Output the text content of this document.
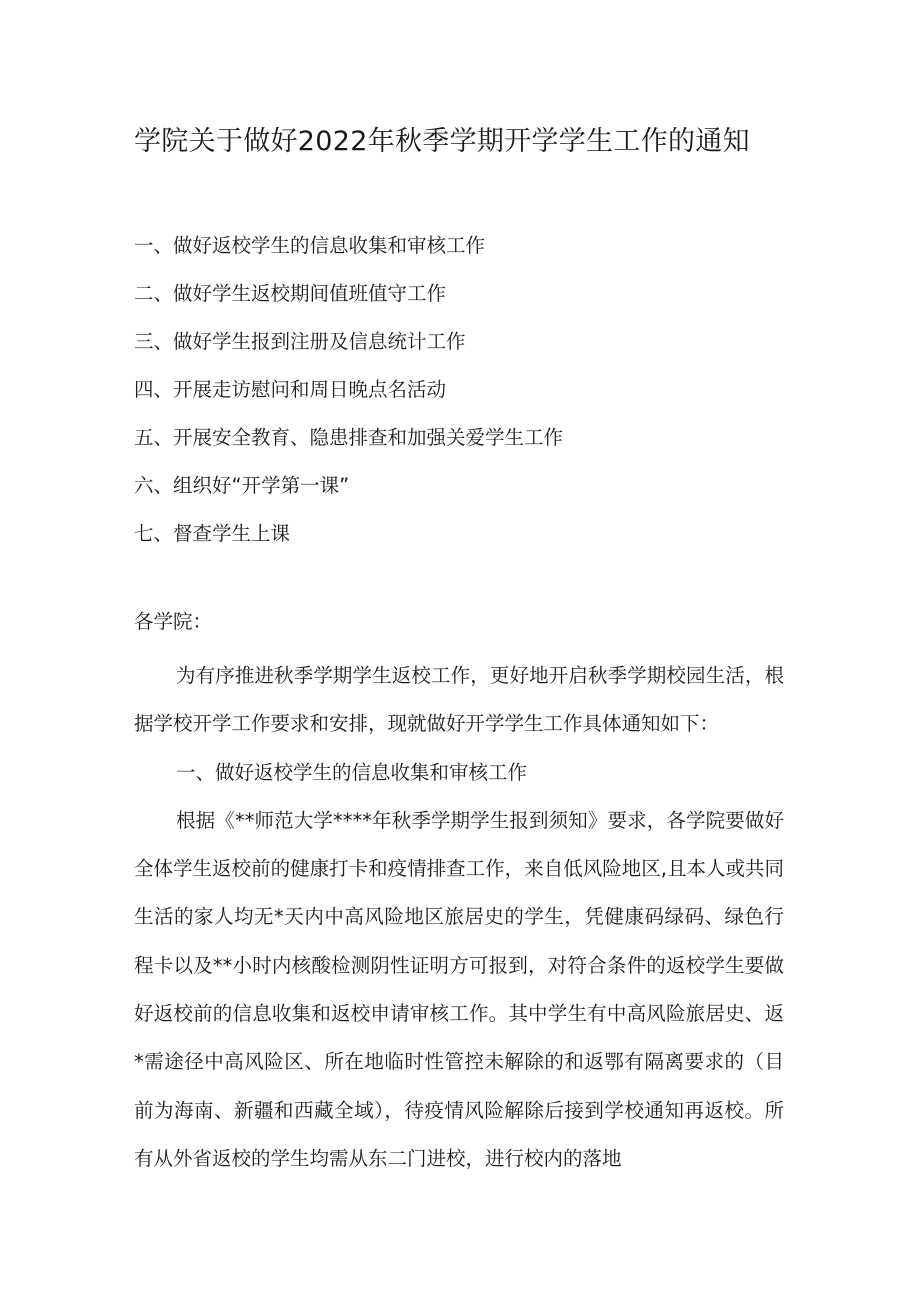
学院关于做好2022年秋季学期开学学生工作的通知
一、做好返校学生的信息收集和审核工作
二、做好学生返校期间值班值守工作
三、做好学生报到注册及信息统计工作
四、开展走访慰问和周日晚点名活动
五、开展安全教育、隐患排查和加强关爱学生工作
六、组织好“开学第一课”
七、督查学生上课
各学院：

为有序推进秋季学期学生返校工作，更好地开启秋季学期校园生活，根据学校开学工作要求和安排，现就做好开学学生工作具体通知如下：

一、做好返校学生的信息收集和审核工作

根据《**师范大学****年秋季学期学生报到须知》要求，各学院要做好全体学生返校前的健康打卡和疫情排查工作，来自低风险地区,且本人或共同生活的家人均无*天内中高风险地区旅居史的学生，凭健康码绿码、绿色行程卡以及**小时内核酸检测阴性证明方可报到，对符合条件的返校学生要做好返校前的信息收集和返校申请审核工作。其中学生有中高风险旅居史、返*需途径中高风险区、所在地临时性管控未解除的和返鄂有隔离要求的（目前为海南、新疆和西藏全域），待疫情风险解除后接到学校通知再返校。所有从外省返校的学生均需从东二门进校，进行校内的落地
